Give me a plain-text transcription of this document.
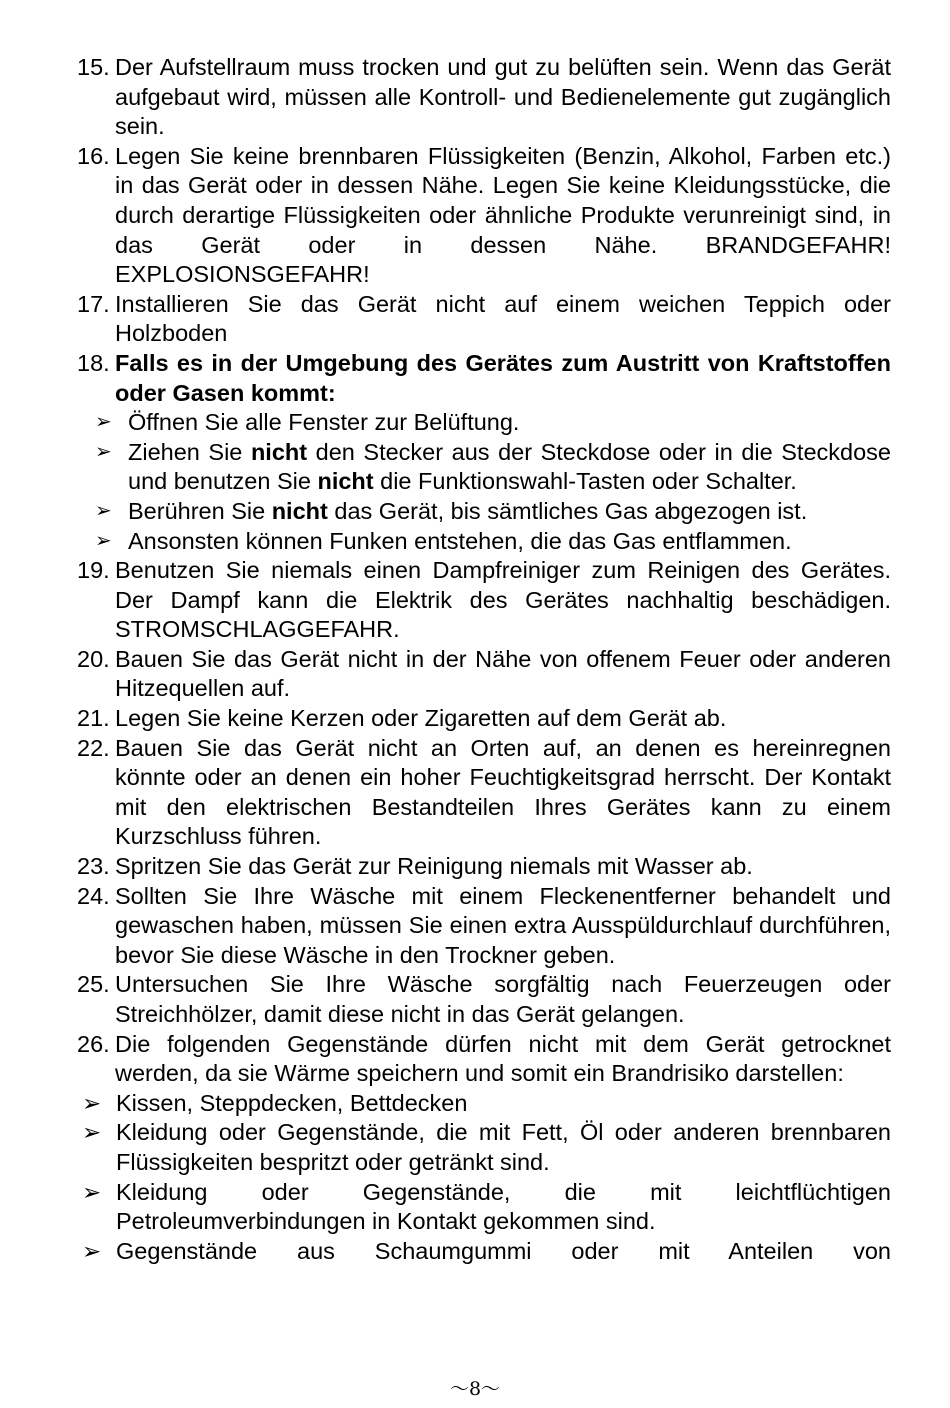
15. Der Aufstellraum muss trocken und gut zu belüften sein. Wenn das Gerät aufgebaut wird, müssen alle Kontroll- und Bedienelemente gut zugänglich sein.
16. Legen Sie keine brennbaren Flüssigkeiten (Benzin, Alkohol, Farben etc.) in das Gerät oder in dessen Nähe. Legen Sie keine Kleidungsstücke, die durch derartige Flüssigkeiten oder ähnliche Produkte verunreinigt sind, in das Gerät oder in dessen Nähe. BRANDGEFAHR! EXPLOSIONSGEFAHR!
17. Installieren Sie das Gerät nicht auf einem weichen Teppich oder Holzboden
18. Falls es in der Umgebung des Gerätes zum Austritt von Kraftstoffen oder Gasen kommt:
➢ Öffnen Sie alle Fenster zur Belüftung.
➢ Ziehen Sie nicht den Stecker aus der Steckdose oder in die Steckdose und benutzen Sie nicht die Funktionswahl-Tasten oder Schalter.
➢ Berühren Sie nicht das Gerät, bis sämtliches Gas abgezogen ist.
➢ Ansonsten können Funken entstehen, die das Gas entflammen.
19. Benutzen Sie niemals einen Dampfreiniger zum Reinigen des Gerätes. Der Dampf kann die Elektrik des Gerätes nachhaltig beschädigen. STROMSCHLAGGEFAHR.
20. Bauen Sie das Gerät nicht in der Nähe von offenem Feuer oder anderen Hitzequellen auf.
21. Legen Sie keine Kerzen oder Zigaretten auf dem Gerät ab.
22. Bauen Sie das Gerät nicht an Orten auf, an denen es hereinregnen könnte oder an denen ein hoher Feuchtigkeitsgrad herrscht. Der Kontakt mit den elektrischen Bestandteilen Ihres Gerätes kann zu einem Kurzschluss führen.
23. Spritzen Sie das Gerät zur Reinigung niemals mit Wasser ab.
24. Sollten Sie Ihre Wäsche mit einem Fleckenentferner behandelt und gewaschen haben, müssen Sie einen extra Ausspüldurchlauf durchführen, bevor Sie diese Wäsche in den Trockner geben.
25. Untersuchen Sie Ihre Wäsche sorgfältig nach Feuerzeugen oder Streichhölzer, damit diese nicht in das Gerät gelangen.
26. Die folgenden Gegenstände dürfen nicht mit dem Gerät getrocknet werden, da sie Wärme speichern und somit ein Brandrisiko darstellen:
➢ Kissen, Steppdecken, Bettdecken
➢ Kleidung oder Gegenstände, die mit Fett, Öl oder anderen brennbaren Flüssigkeiten bespritzt oder getränkt sind.
➢ Kleidung oder Gegenstände, die mit leichtflüchtigen Petroleumverbindungen in Kontakt gekommen sind.
➢ Gegenstände aus Schaumgummi oder mit Anteilen von
～8～
